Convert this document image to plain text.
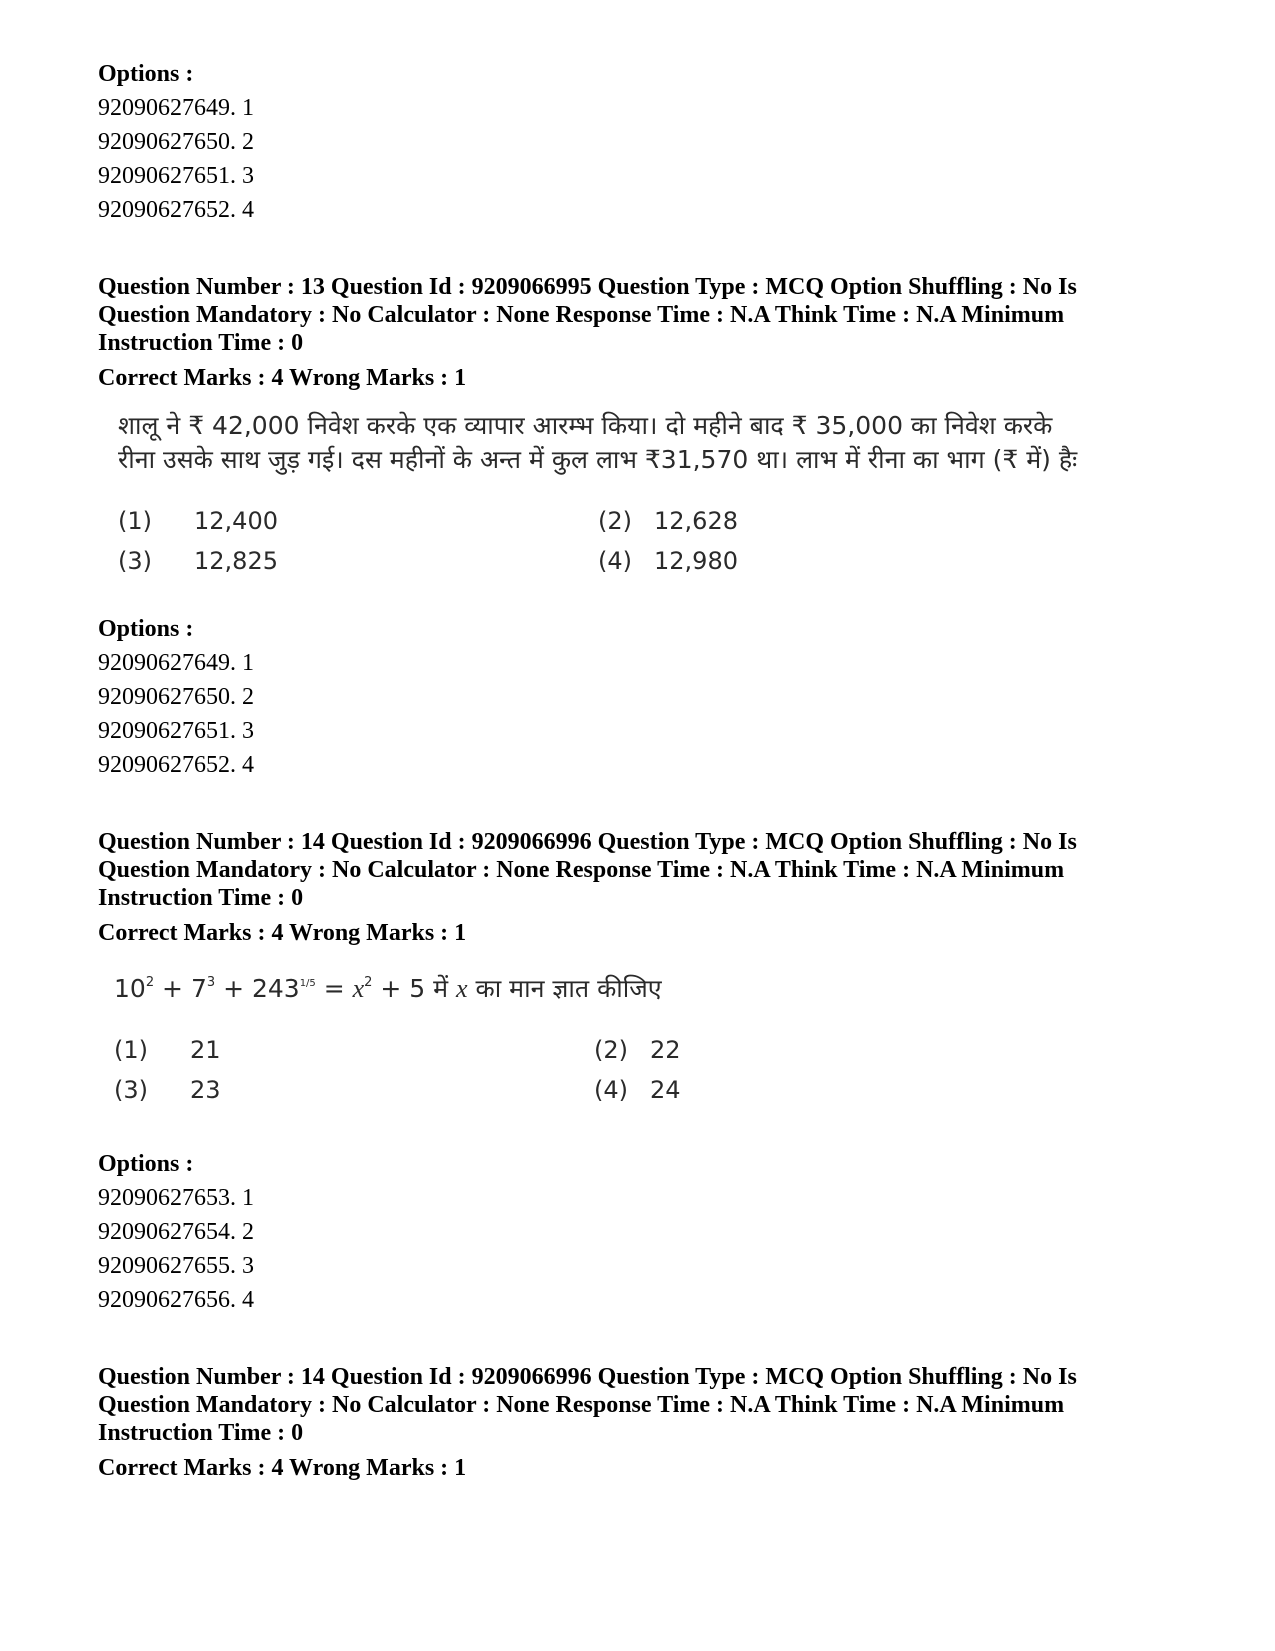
Options :
92090627649. 1
92090627650. 2
92090627651. 3
92090627652. 4
Question Number : 13 Question Id : 9209066995 Question Type : MCQ Option Shuffling : No Is
Question Mandatory : No Calculator : None Response Time : N.A Think Time : N.A Minimum
Instruction Time : 0
Correct Marks : 4 Wrong Marks : 1
शालू ने ₹ 42,000 निवेश करके एक व्यापार आरम्भ किया। दो महीने बाद ₹ 35,000 का निवेश करके
रीना उसके साथ जुड़ गई। दस महीनों के अन्त में कुल लाभ ₹31,570 था। लाभ में रीना का भाग (₹ में) हैः
(1)	12,400	(2) 12,628
(3)	12,825	(4) 12,980
Options :
92090627649. 1
92090627650. 2
92090627651. 3
92090627652. 4
Question Number : 14 Question Id : 9209066996 Question Type : MCQ Option Shuffling : No Is
Question Mandatory : No Calculator : None Response Time : N.A Think Time : N.A Minimum
Instruction Time : 0
Correct Marks : 4 Wrong Marks : 1
$10^2 + 7^3 + 243^{1/5} = x^2 + 5$ में x का मान ज्ञात कीजिए
(1)	21	(2) 22
(3)	23	(4) 24
Options :
92090627653. 1
92090627654. 2
92090627655. 3
92090627656. 4
Question Number : 14 Question Id : 9209066996 Question Type : MCQ Option Shuffling : No Is
Question Mandatory : No Calculator : None Response Time : N.A Think Time : N.A Minimum
Instruction Time : 0
Correct Marks : 4 Wrong Marks : 1
